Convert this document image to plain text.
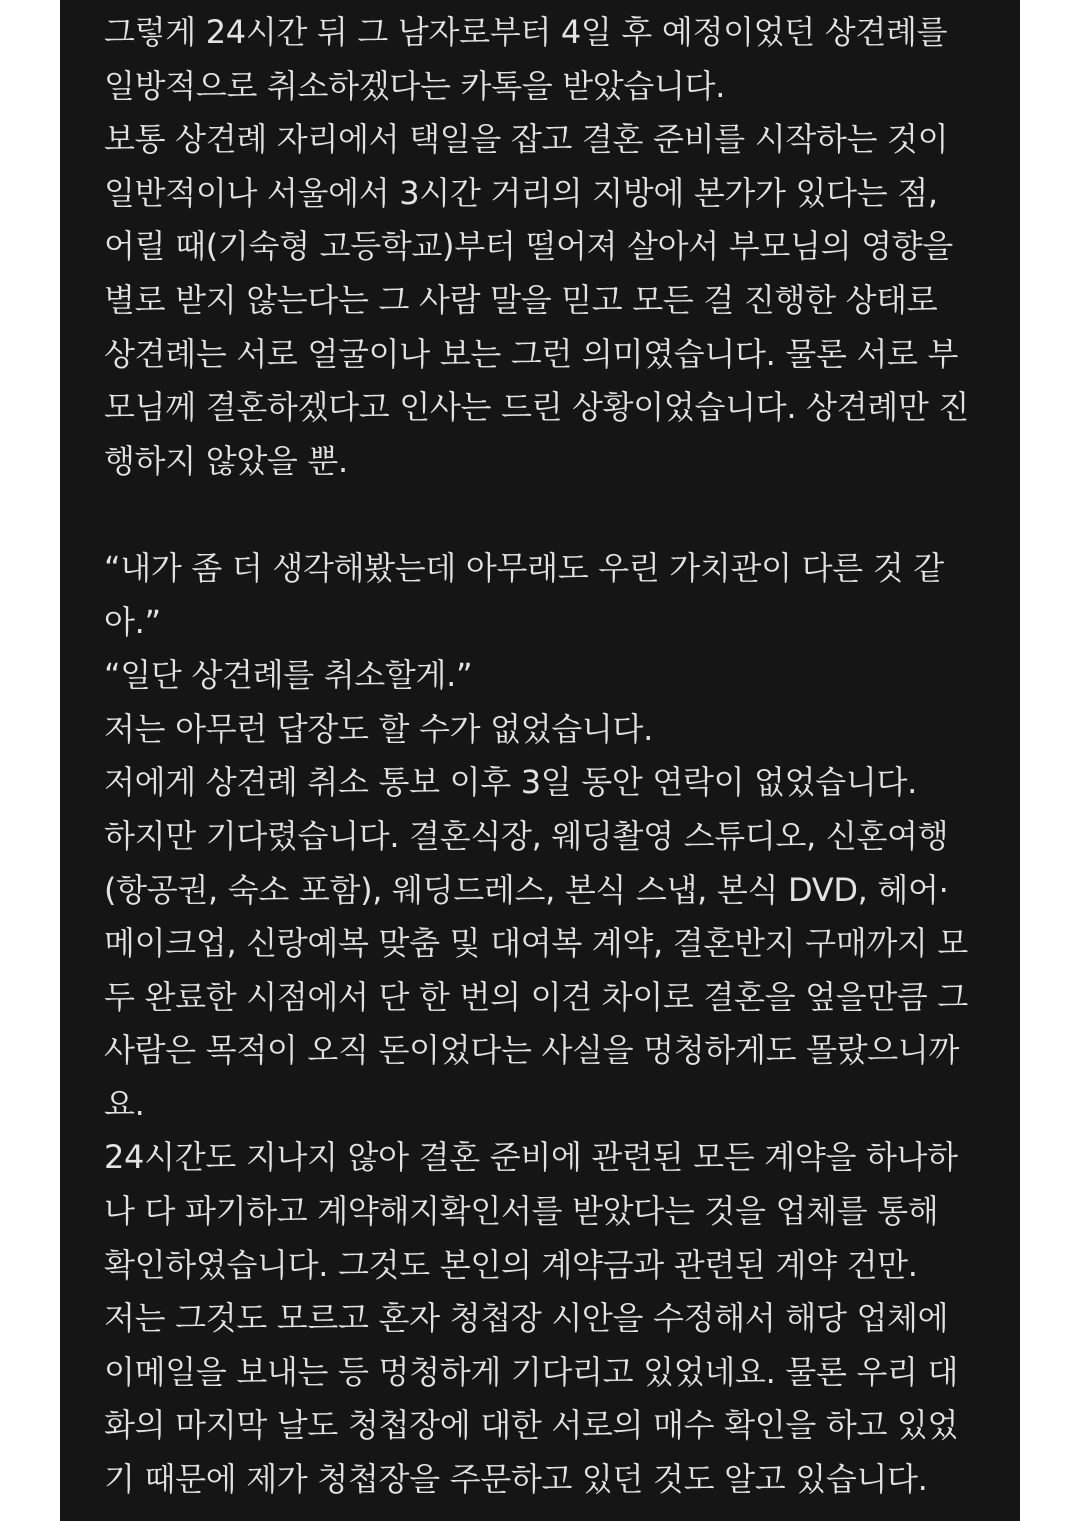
그렇게 24시간 뒤 그 남자로부터 4일 후 예정이었던 상견례를
일방적으로 취소하겠다는 카톡을 받았습니다.
보통 상견례 자리에서 택일을 잡고 결혼 준비를 시작하는 것이
일반적이나 서울에서 3시간 거리의 지방에 본가가 있다는 점,
어릴 때(기숙형 고등학교)부터 떨어져 살아서 부모님의 영향을
별로 받지 않는다는 그 사람 말을 믿고 모든 걸 진행한 상태로
상견례는 서로 얼굴이나 보는 그런 의미였습니다. 물론 서로 부
모님께 결혼하겠다고 인사는 드린 상황이었습니다. 상견례만 진
행하지 않았을 뿐.
“내가 좀 더 생각해봤는데 아무래도 우린 가치관이 다른 것 같
아.”
“일단 상견례를 취소할게.”
저는 아무런 답장도 할 수가 없었습니다.
저에게 상견례 취소 통보 이후 3일 동안 연락이 없었습니다.
하지만 기다렸습니다. 결혼식장, 웨딩촬영 스튜디오, 신혼여행
(항공권, 숙소 포함), 웨딩드레스, 본식 스냅, 본식 DVD, 헤어·
메이크업, 신랑예복 맞춤 및 대여복 계약, 결혼반지 구매까지 모
두 완료한 시점에서 단 한 번의 이견 차이로 결혼을 엎을만큼 그
사람은 목적이 오직 돈이었다는 사실을 멍청하게도 몰랐으니까
요.
24시간도 지나지 않아 결혼 준비에 관련된 모든 계약을 하나하
나 다 파기하고 계약해지확인서를 받았다는 것을 업체를 통해
확인하였습니다. 그것도 본인의 계약금과 관련된 계약 건만.
저는 그것도 모르고 혼자 청첩장 시안을 수정해서 해당 업체에
이메일을 보내는 등 멍청하게 기다리고 있었네요. 물론 우리 대
화의 마지막 날도 청첩장에 대한 서로의 매수 확인을 하고 있었
기 때문에 제가 청첩장을 주문하고 있던 것도 알고 있습니다.
